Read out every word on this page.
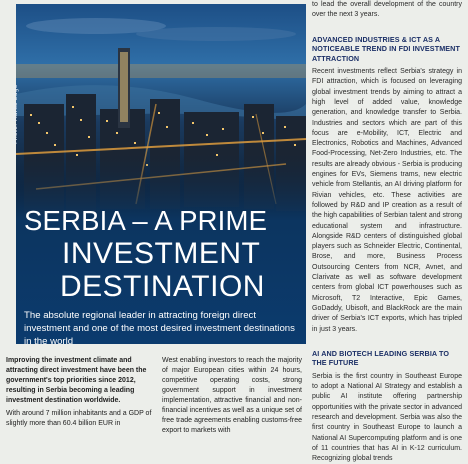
Photo: Marko Edge
SERBIA – A PRIME
INVESTMENT
DESTINATION

The absolute regional leader in attracting foreign direct investment and one of the most desired investment destinations in the world

Improving the investment climate and attracting direct investment have been the government's top priorities since 2012, resulting in Serbia becoming a leading investment destination worldwide.

With around 7 million inhabitants and a GDP of slightly more than 60.4 billion EUR in

West enabling investors to reach the majority of major European cities within 24 hours, competitive operating costs, strong government support in investment implementation, attractive financial and non-financial incentives as well as a unique set of free trade agreements enabling customs-free export to markets with

to lead the overall development of the country over the next 3 years.

ADVANCED INDUSTRIES & ICT AS A NOTICEABLE TREND IN FDI INVESTMENT ATTRACTION

Recent investments reflect Serbia's strategy in FDI attraction, which is focused on leveraging global investment trends by aiming to attract a high level of added value, knowledge generation, and knowledge transfer to Serbia. Industries and sectors which are part of this focus are e-Mobility, ICT, Electric and Electronics, Robotics and Machines, Advanced Food-Processing, Net-Zero Industries, etc. The results are already obvious - Serbia is producing engines for EVs, Siemens trams, new electric vehicle from Stellantis, an AI driving platform for Rivian vehicles, etc. These activities are followed by R&D and IP creation as a result of the high capabilities of Serbian talent and strong educational system and infrastructure. Alongside R&D centers of distinguished global players such as Schneider Electric, Continental, Brose, and more, Business Process Outsourcing Centers from NCR, Avnet, and Clarivate as well as software development centers from global ICT powerhouses such as Microsoft, T2 Interactive, Epic Games, GoDaddy, Ubisoft, and BlackRock are the main driver of Serbia's ICT exports, which has tripled in just 3 years.

AI AND BIOTECH LEADING SERBIA TO THE FUTURE

Serbia is the first country in Southeast Europe to adopt a National AI Strategy and establish a public AI institute offering partnership opportunities with the private sector in advanced research and development. Serbia was also the first country in Southeast Europe to launch a National AI Supercomputing platform and is one of 11 countries that has AI in K-12 curriculum. Recognizing global trends
